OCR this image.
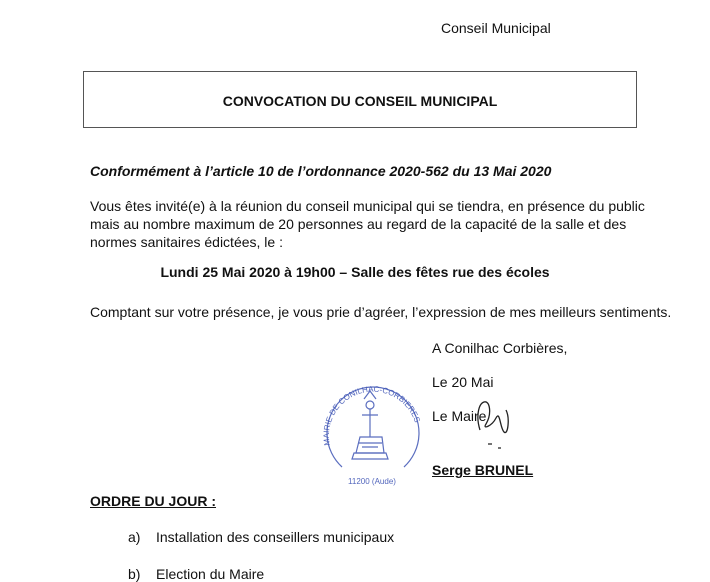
Conseil Municipal
CONVOCATION DU CONSEIL MUNICIPAL
Conformément à l’article 10 de l’ordonnance 2020-562 du 13 Mai 2020
Vous êtes invité(e) à la réunion du conseil municipal qui se tiendra, en présence du public
mais au nombre maximum de 20 personnes au regard de la capacité de la salle et des
normes sanitaires édictées, le :
Lundi 25 Mai 2020 à 19h00 – Salle des fêtes rue des écoles
Comptant sur votre présence, je vous prie d’agréer, l’expression de mes meilleurs sentiments.
A Conilhac Corbières,
Le 20 Mai
Le Maire
Serge BRUNEL
MAIRIE DE CONILHAC-CORBIERES
11200 (Aude)
ORDRE DU JOUR :
a) Installation des conseillers municipaux
b) Election du Maire
